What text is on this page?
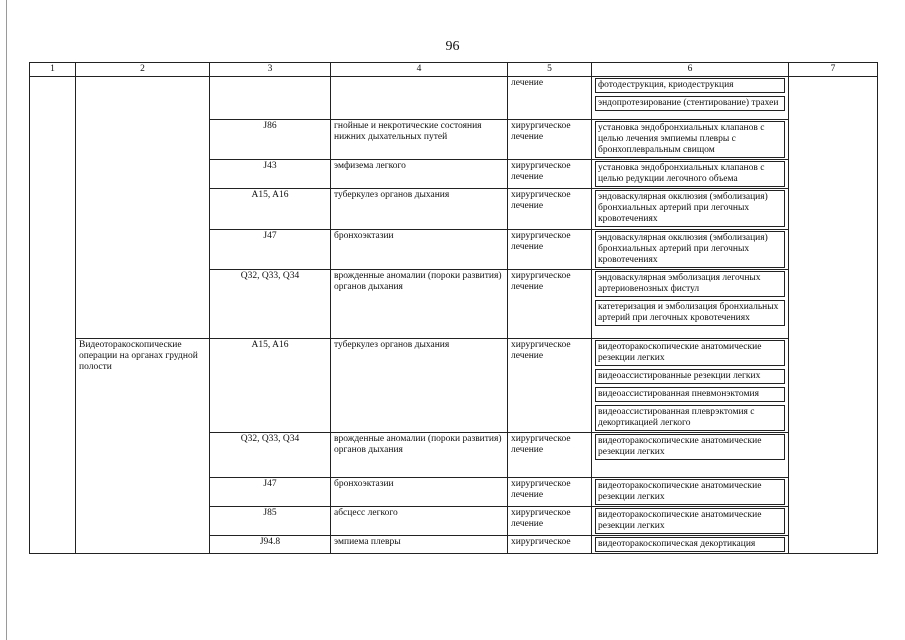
96
1	2	3	4	5	6	7
				лечение	фотодеструкция, криодеструкция
эндопротезирование (стентирование) трахеи	

		J86	гнойные и некротические состояния нижних дыхательных путей	хирургическое лечение	установка эндобронхиальных клапанов с целью лечения эмпиемы плевры с бронхоплевральным свищом	

		J43	эмфизема легкого	хирургическое лечение	установка эндобронхиальных клапанов с целью редукции легочного объема	

		A15, A16	туберкулез органов дыхания	хирургическое лечение	эндоваскулярная окклюзия (эмболизация) бронхиальных артерий при легочных кровотечениях	

		J47	бронхоэктазии	хирургическое лечение	эндоваскулярная окклюзия (эмболизация) бронхиальных артерий при легочных кровотечениях	

		Q32, Q33, Q34	врожденные аномалии (пороки развития) органов дыхания	хирургическое лечение	эндоваскулярная эмболизация легочных артериовенозных фистул
катетеризация и эмболизация бронхиальных артерий при легочных кровотечениях	

	Видеоторакоскопические операции на органах грудной полости	A15, A16	туберкулез органов дыхания	хирургическое лечение	видеоторакоскопические анатомические резекции легких
видеоассистированные резекции легких
видеоассистированная пневмонэктомия
видеоассистированная плеврэктомия с декортикацией легкого	

		Q32, Q33, Q34	врожденные аномалии (пороки развития) органов дыхания	хирургическое лечение	видеоторакоскопические анатомические резекции легких	

		J47	бронхоэктазии	хирургическое лечение	видеоторакоскопические анатомические резекции легких	

		J85	абсцесс легкого	хирургическое лечение	видеоторакоскопические анатомические резекции легких	

		J94.8	эмпиема плевры	хирургическое	видеоторакоскопическая декортикация	
